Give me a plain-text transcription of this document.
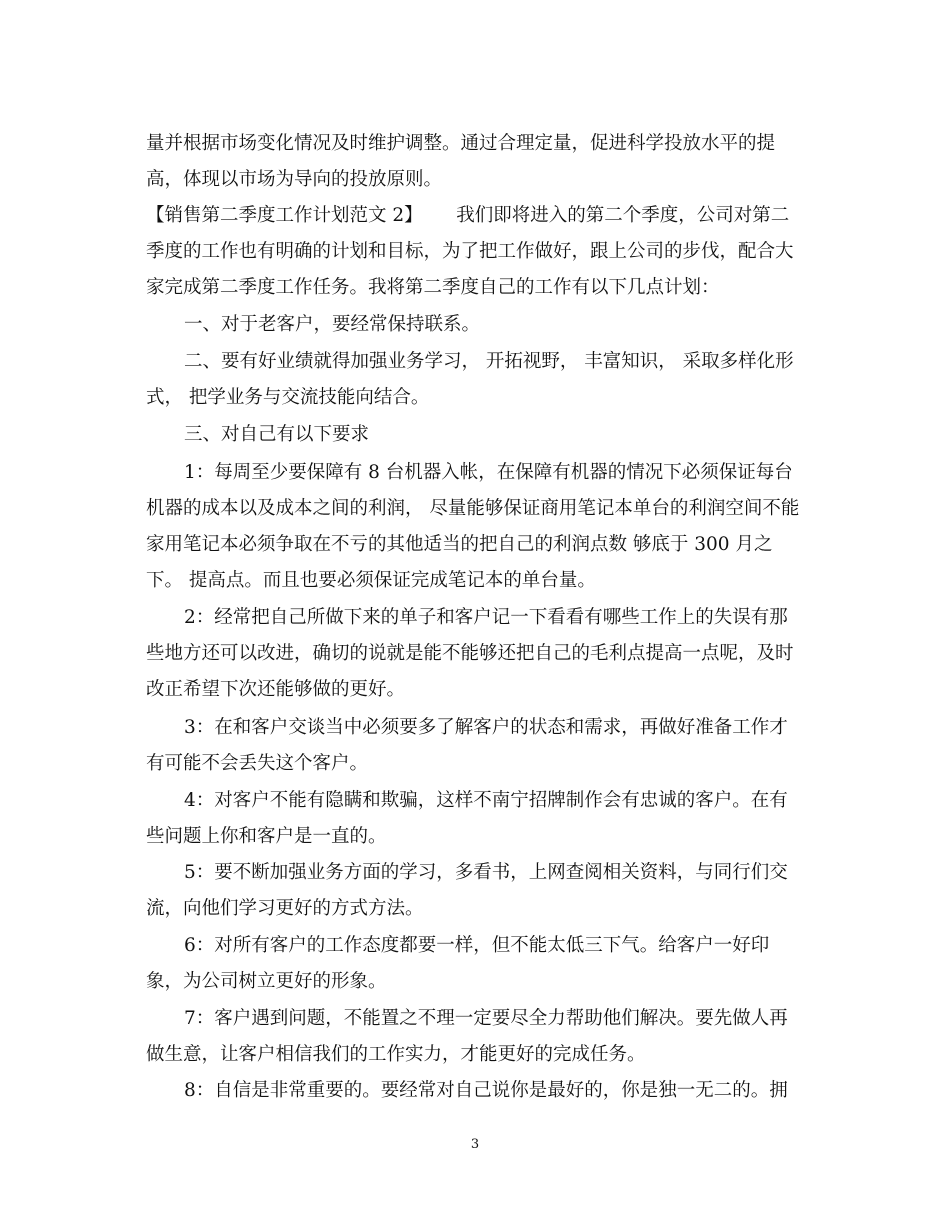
量并根据市场变化情况及时维护调整。通过合理定量，促进科学投放水平的提
高，体现以市场为导向的投放原则。
【销售第二季度工作计划范文 2】　　 我们即将进入的第二个季度，公司对第二
季度的工作也有明确的计划和目标，为了把工作做好，跟上公司的步伐，配合大
家完成第二季度工作任务。我将第二季度自己的工作有以下几点计划：
一、对于老客户，要经常保持联系。
二、要有好业绩就得加强业务学习， 开拓视野， 丰富知识， 采取多样化形
式， 把学业务与交流技能向结合。
三、对自己有以下要求
1：每周至少要保障有 8 台机器入帐，在保障有机器的情况下必须保证每台
机器的成本以及成本之间的利润， 尽量能够保证商用笔记本单台的利润空间不能
家用笔记本必须争取在不亏的其他适当的把自己的利润点数 够底于 300 月之
下。 提高点。而且也要必须保证完成笔记本的单台量。
2：经常把自己所做下来的单子和客户记一下看看有哪些工作上的失误有那
些地方还可以改进，确切的说就是能不能够还把自己的毛利点提高一点呢，及时
改正希望下次还能够做的更好。
3：在和客户交谈当中必须要多了解客户的状态和需求，再做好准备工作才
有可能不会丢失这个客户。
4：对客户不能有隐瞒和欺骗，这样不南宁招牌制作会有忠诚的客户。在有
些问题上你和客户是一直的。
5：要不断加强业务方面的学习，多看书，上网查阅相关资料，与同行们交
流，向他们学习更好的方式方法。
6：对所有客户的工作态度都要一样，但不能太低三下气。给客户一好印
象，为公司树立更好的形象。
7：客户遇到问题，不能置之不理一定要尽全力帮助他们解决。要先做人再
做生意，让客户相信我们的工作实力，才能更好的完成任务。
8：自信是非常重要的。要经常对自己说你是最好的，你是独一无二的。拥
3
